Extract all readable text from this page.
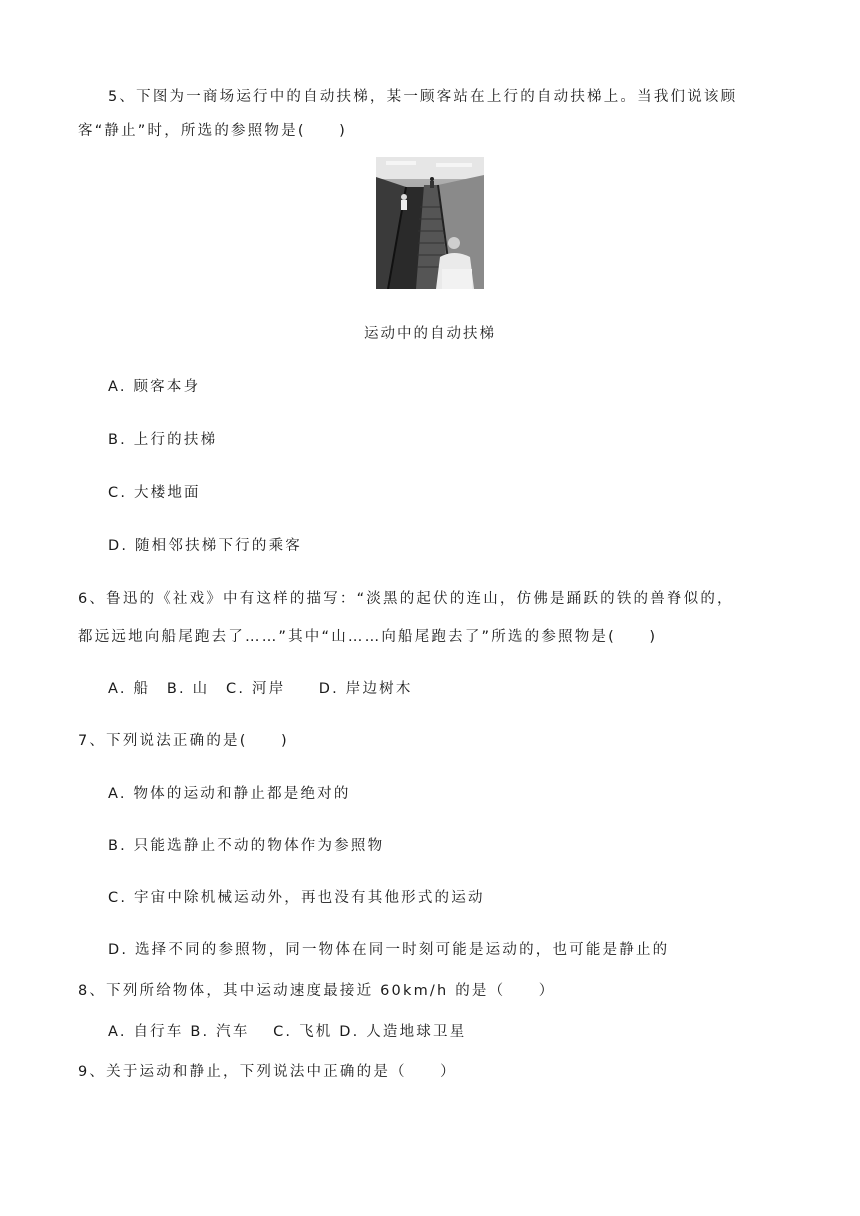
5、下图为一商场运行中的自动扶梯，某一顾客站在上行的自动扶梯上。当我们说该顾
客“静止”时，所选的参照物是(　　)
运动中的自动扶梯
A. 顾客本身
B. 上行的扶梯
C. 大楼地面
D. 随相邻扶梯下行的乘客
6、鲁迅的《社戏》中有这样的描写：“淡黑的起伏的连山，仿佛是踊跃的铁的兽脊似的，
都远远地向船尾跑去了……”其中“山……向船尾跑去了”所选的参照物是(　　)
A. 船　B. 山　C. 河岸　　D. 岸边树木
7、下列说法正确的是(　　)
A. 物体的运动和静止都是绝对的
B. 只能选静止不动的物体作为参照物
C. 宇宙中除机械运动外，再也没有其他形式的运动
D. 选择不同的参照物，同一物体在同一时刻可能是运动的，也可能是静止的
8、下列所给物体，其中运动速度最接近 60km/h 的是（　　）
A. 自行车 B. 汽车　 C. 飞机 D. 人造地球卫星
9、关于运动和静止，下列说法中正确的是（　　）
